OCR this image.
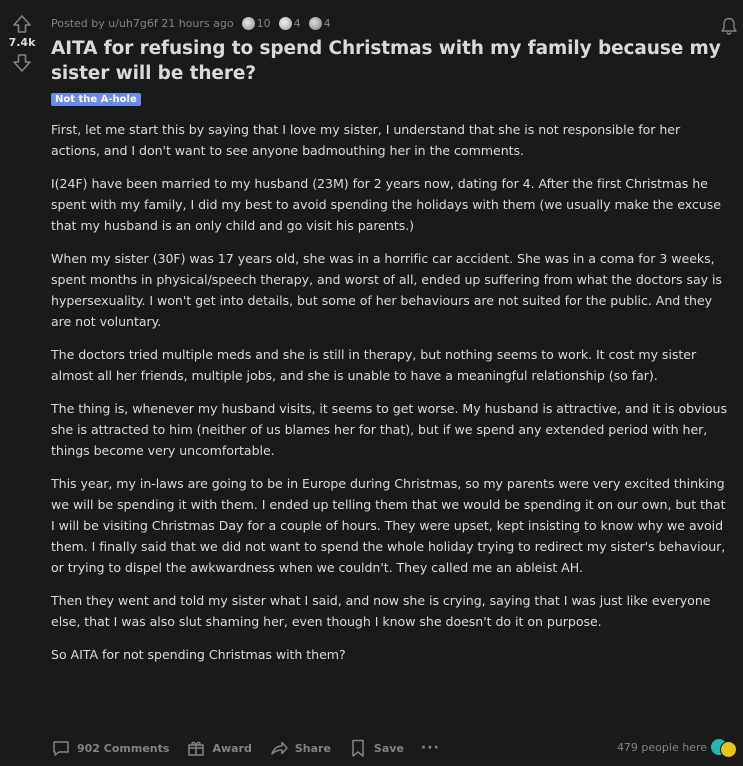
7.4k
Posted by u/uh7g6f 21 hours ago 10 4 4
AITA for refusing to spend Christmas with my family because my sister will be there?
Not the A-hole

First, let me start this by saying that I love my sister, I understand that she is not responsible for her actions, and I don't want to see anyone badmouthing her in the comments.

I(24F) have been married to my husband (23M) for 2 years now, dating for 4. After the first Christmas he spent with my family, I did my best to avoid spending the holidays with them (we usually make the excuse that my husband is an only child and go visit his parents.)

When my sister (30F) was 17 years old, she was in a horrific car accident. She was in a coma for 3 weeks, spent months in physical/speech therapy, and worst of all, ended up suffering from what the doctors say is hypersexuality. I won't get into details, but some of her behaviours are not suited for the public. And they are not voluntary.

The doctors tried multiple meds and she is still in therapy, but nothing seems to work. It cost my sister almost all her friends, multiple jobs, and she is unable to have a meaningful relationship (so far).

The thing is, whenever my husband visits, it seems to get worse. My husband is attractive, and it is obvious she is attracted to him (neither of us blames her for that), but if we spend any extended period with her, things become very uncomfortable.

This year, my in-laws are going to be in Europe during Christmas, so my parents were very excited thinking we will be spending it with them. I ended up telling them that we would be spending it on our own, but that I will be visiting Christmas Day for a couple of hours. They were upset, kept insisting to know why we avoid them. I finally said that we did not want to spend the whole holiday trying to redirect my sister's behaviour, or trying to dispel the awkwardness when we couldn't. They called me an ableist AH.

Then they went and told my sister what I said, and now she is crying, saying that I was just like everyone else, that I was also slut shaming her, even though I know she doesn't do it on purpose.

So AITA for not spending Christmas with them?

902 Comments	Award	Share	Save ···	479 people here
